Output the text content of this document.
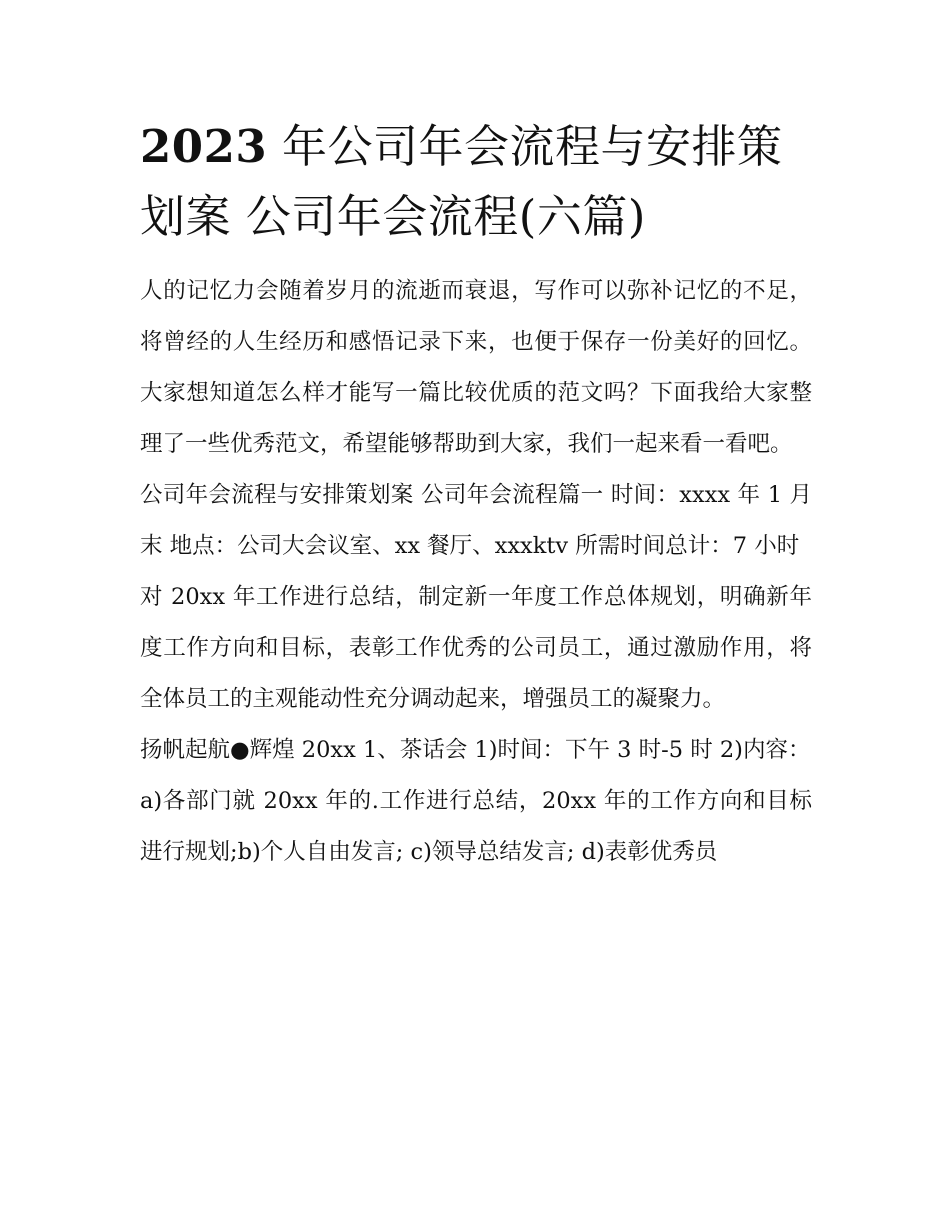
2023 年公司年会流程与安排策划案 公司年会流程(六篇)

人的记忆力会随着岁月的流逝而衰退，写作可以弥补记忆的不足，将曾经的人生经历和感悟记录下来，也便于保存一份美好的回忆。大家想知道怎么样才能写一篇比较优质的范文吗？下面我给大家整理了一些优秀范文，希望能够帮助到大家，我们一起来看一看吧。

公司年会流程与安排策划案 公司年会流程篇一 时间：xxxx 年 1 月末 地点：公司大会议室、xx 餐厅、xxxktv 所需时间总计：7 小时

对 20xx 年工作进行总结，制定新一年度工作总体规划，明确新年度工作方向和目标，表彰工作优秀的公司员工，通过激励作用，将全体员工的主观能动性充分调动起来，增强员工的凝聚力。

扬帆起航●辉煌 20xx 1、茶话会 1)时间：下午 3 时-5 时 2)内容：

a)各部门就 20xx 年的.工作进行总结，20xx 年的工作方向和目标进行规划;b)个人自由发言; c)领导总结发言; d)表彰优秀员
